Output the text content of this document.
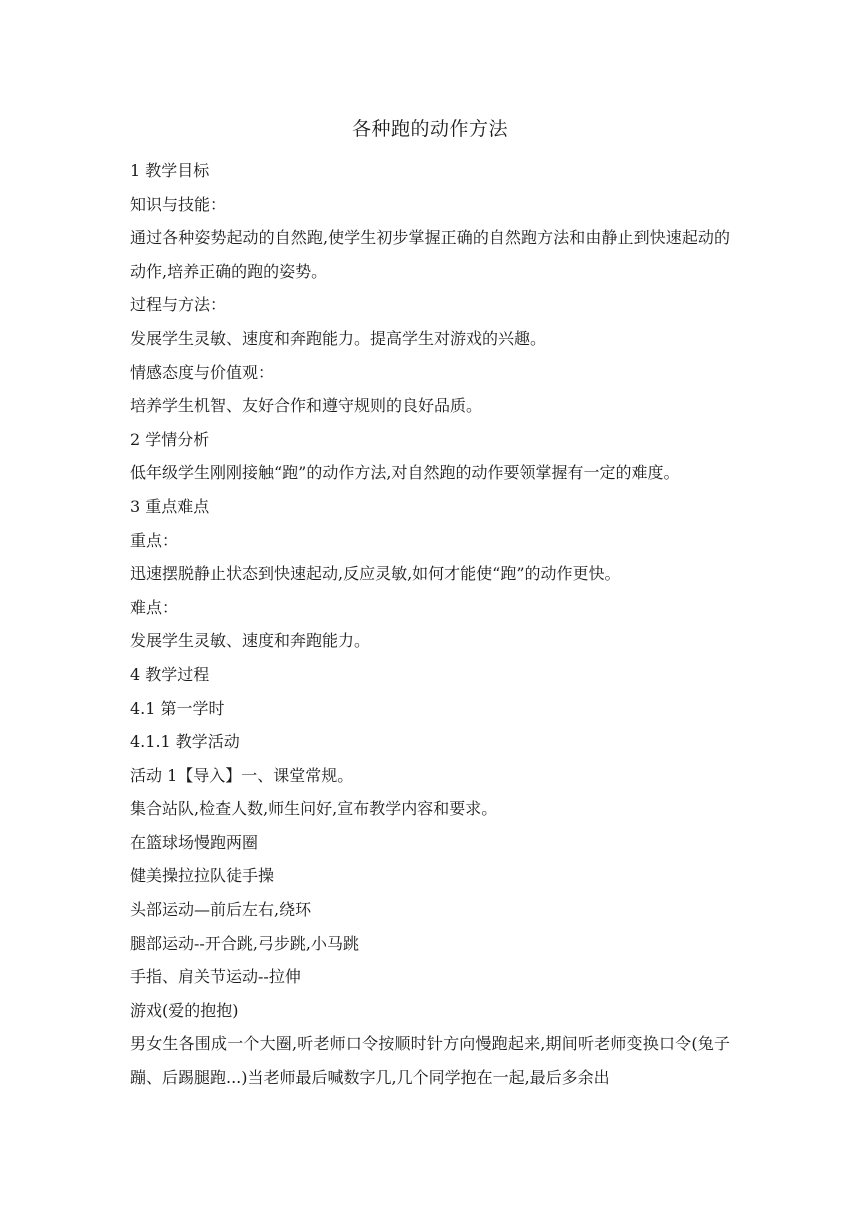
各种跑的动作方法
1 教学目标
知识与技能：
通过各种姿势起动的自然跑,使学生初步掌握正确的自然跑方法和由静止到快速起动的动作,培养正确的跑的姿势。
过程与方法：
发展学生灵敏、速度和奔跑能力。提高学生对游戏的兴趣。
情感态度与价值观：
培养学生机智、友好合作和遵守规则的良好品质。
2 学情分析
低年级学生刚刚接触“跑”的动作方法,对自然跑的动作要领掌握有一定的难度。
3 重点难点
重点：
迅速摆脱静止状态到快速起动,反应灵敏,如何才能使“跑”的动作更快。
难点：
发展学生灵敏、速度和奔跑能力。
4 教学过程
4.1 第一学时
4.1.1 教学活动
活动 1【导入】一、课堂常规。
集合站队,检查人数,师生问好,宣布教学内容和要求。
在篮球场慢跑两圈
健美操拉拉队徒手操
头部运动—前后左右,绕环
腿部运动--开合跳,弓步跳,小马跳
手指、肩关节运动--拉伸
游戏(爱的抱抱)
男女生各围成一个大圈,听老师口令按顺时针方向慢跑起来,期间听老师变换口令(兔子蹦、后踢腿跑...)当老师最后喊数字几,几个同学抱在一起,最后多余出
